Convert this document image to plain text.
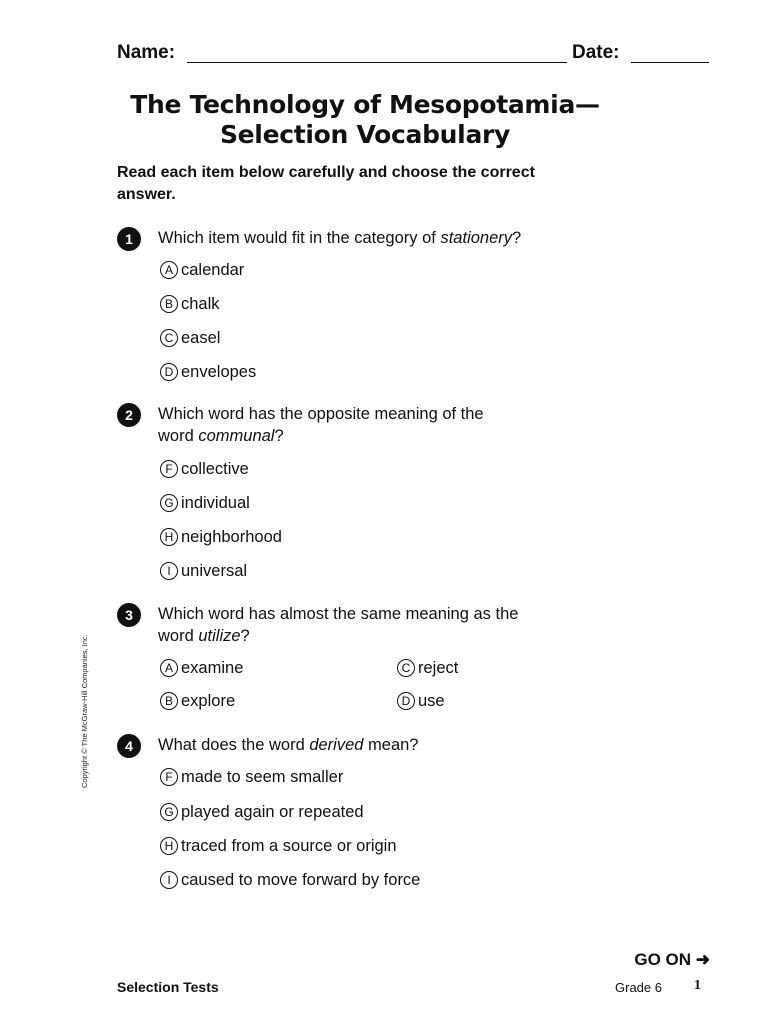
Name:	Date:
The Technology of Mesopotamia—
Selection Vocabulary
Read each item below carefully and choose the correct answer.
1	Which item would fit in the category of stationery?
A calendar
B chalk
C easel
D envelopes
2	Which word has the opposite meaning of the word communal?
F collective
G individual
H neighborhood
I universal
3	Which word has almost the same meaning as the word utilize?
A examine
B explore
C reject
D use
4	What does the word derived mean?
F made to seem smaller
G played again or repeated
H traced from a source or origin
I caused to move forward by force
Copyright © The McGraw-Hill Companies, Inc.
GO ON ➜
Selection Tests	Grade 6 1
